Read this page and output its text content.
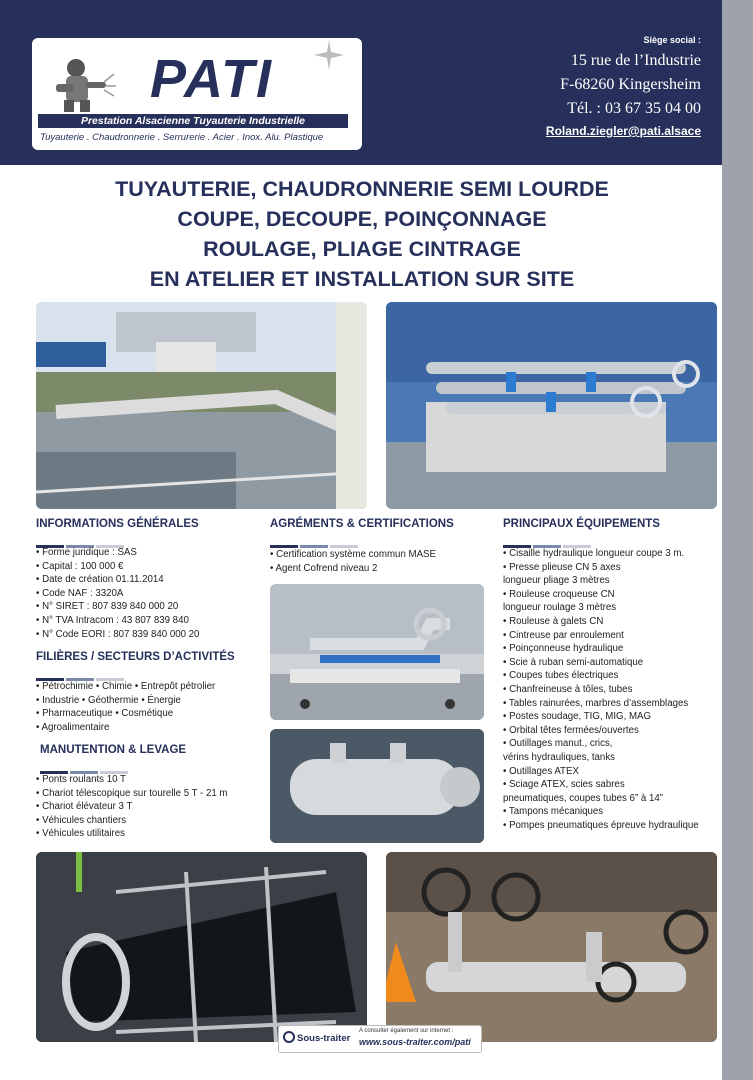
PATI
Prestation Alsacienne Tuyauterie Industrielle
Tuyauterie . Chaudronnerie . Serrurerie . Acier . Inox. Alu. Plastique
Siège social :
15 rue de l’Industrie
F-68260 Kingersheim
Tél. : 03 67 35 04 00
Roland.ziegler@pati.alsace
TUYAUTERIE, CHAUDRONNERIE SEMI LOURDE
COUPE, DECOUPE, POINÇONNAGE
ROULAGE, PLIAGE CINTRAGE
EN ATELIER ET INSTALLATION SUR SITE
INFORMATIONS GÉNÉRALES
• Forme juridique : SAS
• Capital : 100 000 €
• Date de création 01.11.2014
• Code NAF : 3320A
• N° SIRET : 807 839 840 000 20
• N° TVA Intracom : 43 807 839 840
• N° Code EORI : 807 839 840 000 20
FILIÈRES / SECTEURS D’ACTIVITÉS
• Pétrochimie • Chimie • Entrepôt pétrolier
• Industrie • Géothermie • Énergie
• Pharmaceutique • Cosmétique
• Agroalimentaire
MANUTENTION & LEVAGE
• Ponts roulants 10 T
• Chariot télescopique sur tourelle 5 T - 21 m
• Chariot élévateur 3 T
• Véhicules chantiers
• Véhicules utilitaires
AGRÉMENTS & CERTIFICATIONS
• Certification système commun MASE
• Agent Cofrend niveau 2
PRINCIPAUX ÉQUIPEMENTS
• Cisaille hydraulique longueur coupe 3 m.
• Presse plieuse CN 5 axes
longueur pliage 3 mètres
• Rouleuse croqueuse CN
longueur roulage 3 mètres
• Rouleuse à galets CN
• Cintreuse par enroulement
• Poinçonneuse hydraulique
• Scie à ruban semi-automatique
• Coupes tubes électriques
• Chanfreineuse à tôles, tubes
• Tables rainurées, marbres d’assemblages
• Postes soudage, TIG, MIG, MAG
• Orbital têtes fermées/ouvertes
• Outillages manut., crics,
vérins hydrauliques, tanks
• Outillages ATEX
• Sciage ATEX, scies sabres
pneumatiques, coupes tubes 6” à 14”
• Tampons mécaniques
• Pompes pneumatiques épreuve hydraulique
Sous-traiter
A consulter également sur internet :
www.sous-traiter.com/pati
